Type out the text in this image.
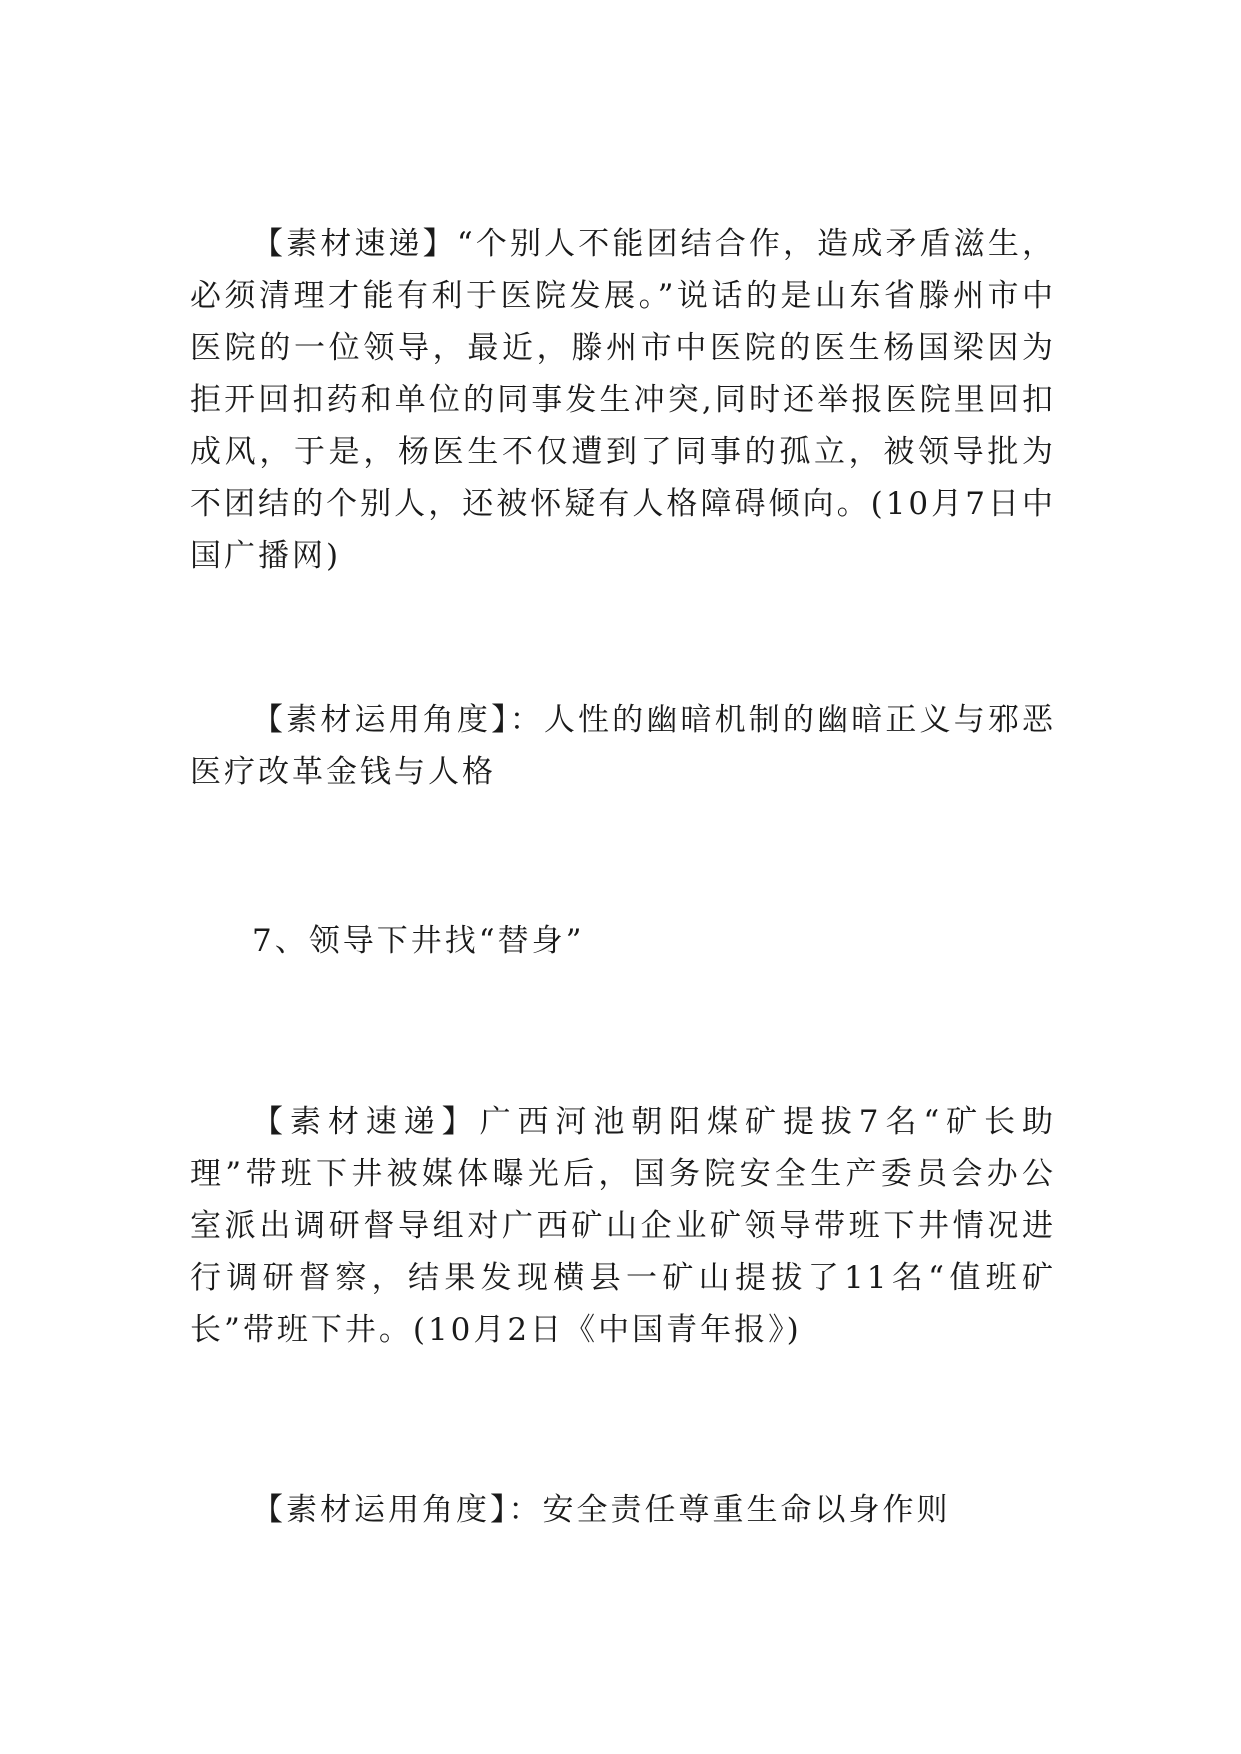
【素材速递】“个别人不能团结合作，造成矛盾滋生，必须清理才能有利于医院发展。”说话的是山东省滕州市中医院的一位领导，最近，滕州市中医院的医生杨国梁因为拒开回扣药和单位的同事发生冲突,同时还举报医院里回扣成风，于是，杨医生不仅遭到了同事的孤立，被领导批为不团结的个别人，还被怀疑有人格障碍倾向。(10月7日中国广播网)

【素材运用角度】：人性的幽暗机制的幽暗正义与邪恶医疗改革金钱与人格

7、领导下井找“替身”

【素材速递】广西河池朝阳煤矿提拔7名“矿长助理”带班下井被媒体曝光后，国务院安全生产委员会办公室派出调研督导组对广西矿山企业矿领导带班下井情况进行调研督察，结果发现横县一矿山提拔了11名“值班矿长”带班下井。(10月2日《中国青年报》)

【素材运用角度】：安全责任尊重生命以身作则
